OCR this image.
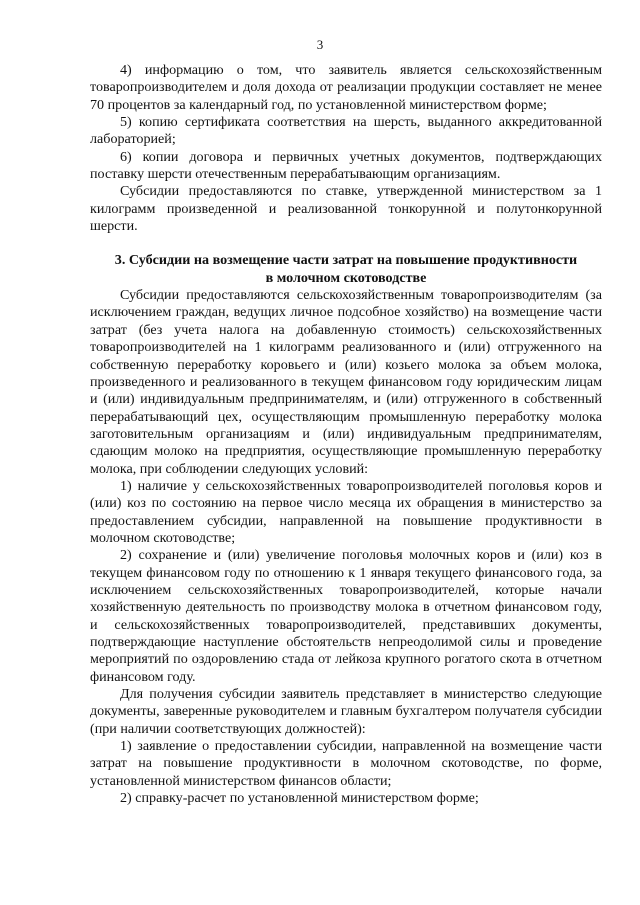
3

4) информацию о том, что заявитель является сельскохозяйственным товаропроизводителем и доля дохода от реализации продукции составляет не менее 70 процентов за календарный год, по установленной министерством форме;

5) копию сертификата соответствия на шерсть, выданного аккредитованной лабораторией;

6) копии договора и первичных учетных документов, подтверждающих поставку шерсти отечественным перерабатывающим организациям.

Субсидии предоставляются по ставке, утвержденной министерством за 1 килограмм произведенной и реализованной тонкорунной и полутонкорунной шерсти.

3. Субсидии на возмещение части затрат на повышение продуктивности
в молочном скотоводстве

Субсидии предоставляются сельскохозяйственным товаропроизводителям (за исключением граждан, ведущих личное подсобное хозяйство) на возмещение части затрат (без учета налога на добавленную стоимость) сельскохозяйственных товаропроизводителей на 1 килограмм реализованного и (или) отгруженного на собственную переработку коровьего и (или) козьего молока за объем молока, произведенного и реализованного в текущем финансовом году юридическим лицам и (или) индивидуальным предпринимателям, и (или) отгруженного в собственный перерабатывающий цех, осуществляющим промышленную переработку молока заготовительным организациям и (или) индивидуальным предпринимателям, сдающим молоко на предприятия, осуществляющие промышленную переработку молока, при соблюдении следующих условий:

1) наличие у сельскохозяйственных товаропроизводителей поголовья коров и (или) коз по состоянию на первое число месяца их обращения в министерство за предоставлением субсидии, направленной на повышение продуктивности в молочном скотоводстве;

2) сохранение и (или) увеличение поголовья молочных коров и (или) коз в текущем финансовом году по отношению к 1 января текущего финансового года, за исключением сельскохозяйственных товаропроизводителей, которые начали хозяйственную деятельность по производству молока в отчетном финансовом году, и сельскохозяйственных товаропроизводителей, представивших документы, подтверждающие наступление обстоятельств непреодолимой силы и проведение мероприятий по оздоровлению стада от лейкоза крупного рогатого скота в отчетном финансовом году.

Для получения субсидии заявитель представляет в министерство следующие документы, заверенные руководителем и главным бухгалтером получателя субсидии (при наличии соответствующих должностей):

1) заявление о предоставлении субсидии, направленной на возмещение части затрат на повышение продуктивности в молочном скотоводстве, по форме, установленной министерством финансов области;

2) справку-расчет по установленной министерством форме;
